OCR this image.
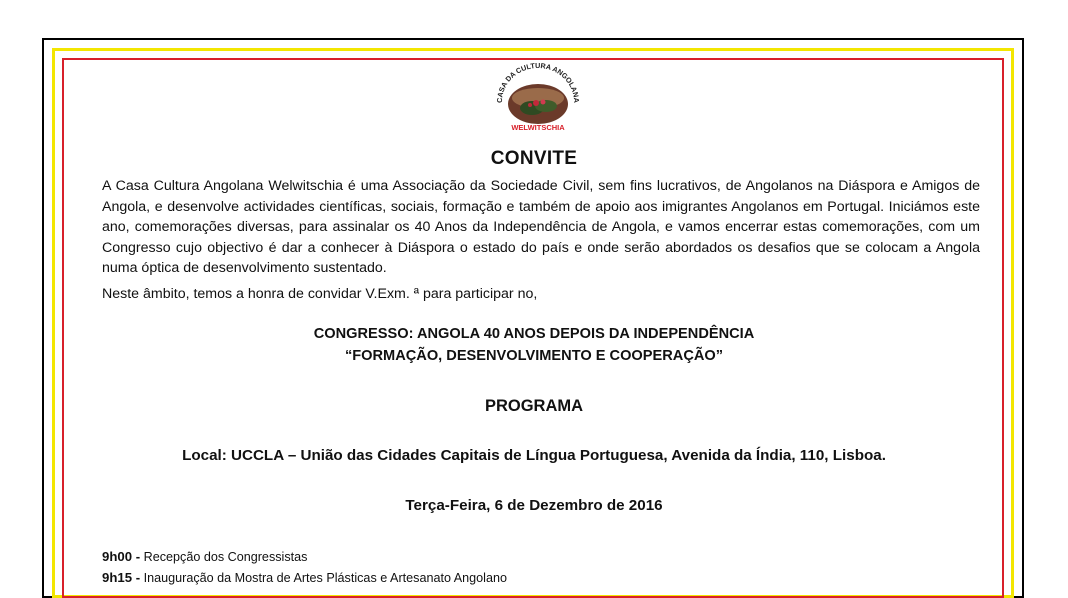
CASA DA CULTURA ANGOLANA
WELWITSCHIA
CONVITE

A Casa Cultura Angolana Welwitschia é uma Associação da Sociedade Civil, sem fins lucrativos, de Angolanos na Diáspora e Amigos de Angola, e desenvolve actividades científicas, sociais, formação e também de apoio aos imigrantes Angolanos em Portugal. Iniciámos este ano, comemorações diversas, para assinalar os 40 Anos da Independência de Angola, e vamos encerrar estas comemorações, com um Congresso cujo objectivo é dar a conhecer à Diáspora o estado do país e onde serão abordados os desafios que se colocam a Angola numa óptica de desenvolvimento sustentado.

Neste âmbito, temos a honra de convidar V.Exm. ª para participar no,

CONGRESSO: ANGOLA 40 ANOS DEPOIS DA INDEPENDÊNCIA

“FORMAÇÃO, DESENVOLVIMENTO E COOPERAÇÃO”

PROGRAMA

Local: UCCLA – União das Cidades Capitais de Língua Portuguesa, Avenida da Índia, 110, Lisboa.

Terça-Feira, 6 de Dezembro de 2016

9h00 - Recepção dos Congressistas

9h15 - Inauguração da Mostra de Artes Plásticas e Artesanato Angolano
